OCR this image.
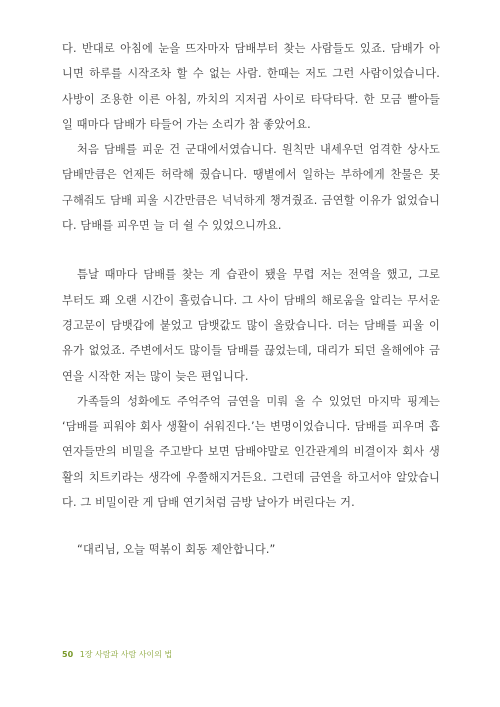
다. 반대로 아침에 눈을 뜨자마자 담배부터 찾는 사람들도 있죠. 담배가 아
니면 하루를 시작조차 할 수 없는 사람. 한때는 저도 그런 사람이었습니다.
사방이 조용한 이른 아침, 까치의 지저귐 사이로 타닥타닥. 한 모금 빨아들
일 때마다 담배가 타들어 가는 소리가 참 좋았어요.
처음 담배를 피운 건 군대에서였습니다. 원칙만 내세우던 엄격한 상사도
담배만큼은 언제든 허락해 줬습니다. 땡볕에서 일하는 부하에게 찬물은 못
구해줘도 담배 피울 시간만큼은 넉넉하게 챙겨줬죠. 금연할 이유가 없었습니
다. 담배를 피우면 늘 더 쉴 수 있었으니까요.
틈날 때마다 담배를 찾는 게 습관이 됐을 무렵 저는 전역을 했고, 그로
부터도 꽤 오랜 시간이 흘렀습니다. 그 사이 담배의 해로움을 알리는 무서운
경고문이 담뱃갑에 붙었고 담뱃값도 많이 올랐습니다. 더는 담배를 피울 이
유가 없었죠. 주변에서도 많이들 담배를 끊었는데, 대리가 되던 올해에야 금
연을 시작한 저는 많이 늦은 편입니다.
가족들의 성화에도 주억주억 금연을 미뤄 올 수 있었던 마지막 핑계는
‘담배를 피워야 회사 생활이 쉬워진다.’는 변명이었습니다. 담배를 피우며 흡
연자들만의 비밀을 주고받다 보면 담배야말로 인간관계의 비결이자 회사 생
활의 치트키라는 생각에 우쭐해지거든요. 그런데 금연을 하고서야 알았습니
다. 그 비밀이란 게 담배 연기처럼 금방 날아가 버린다는 거.
“대리님, 오늘 떡볶이 회동 제안합니다.”
50 1장 사람과 사람 사이의 법
